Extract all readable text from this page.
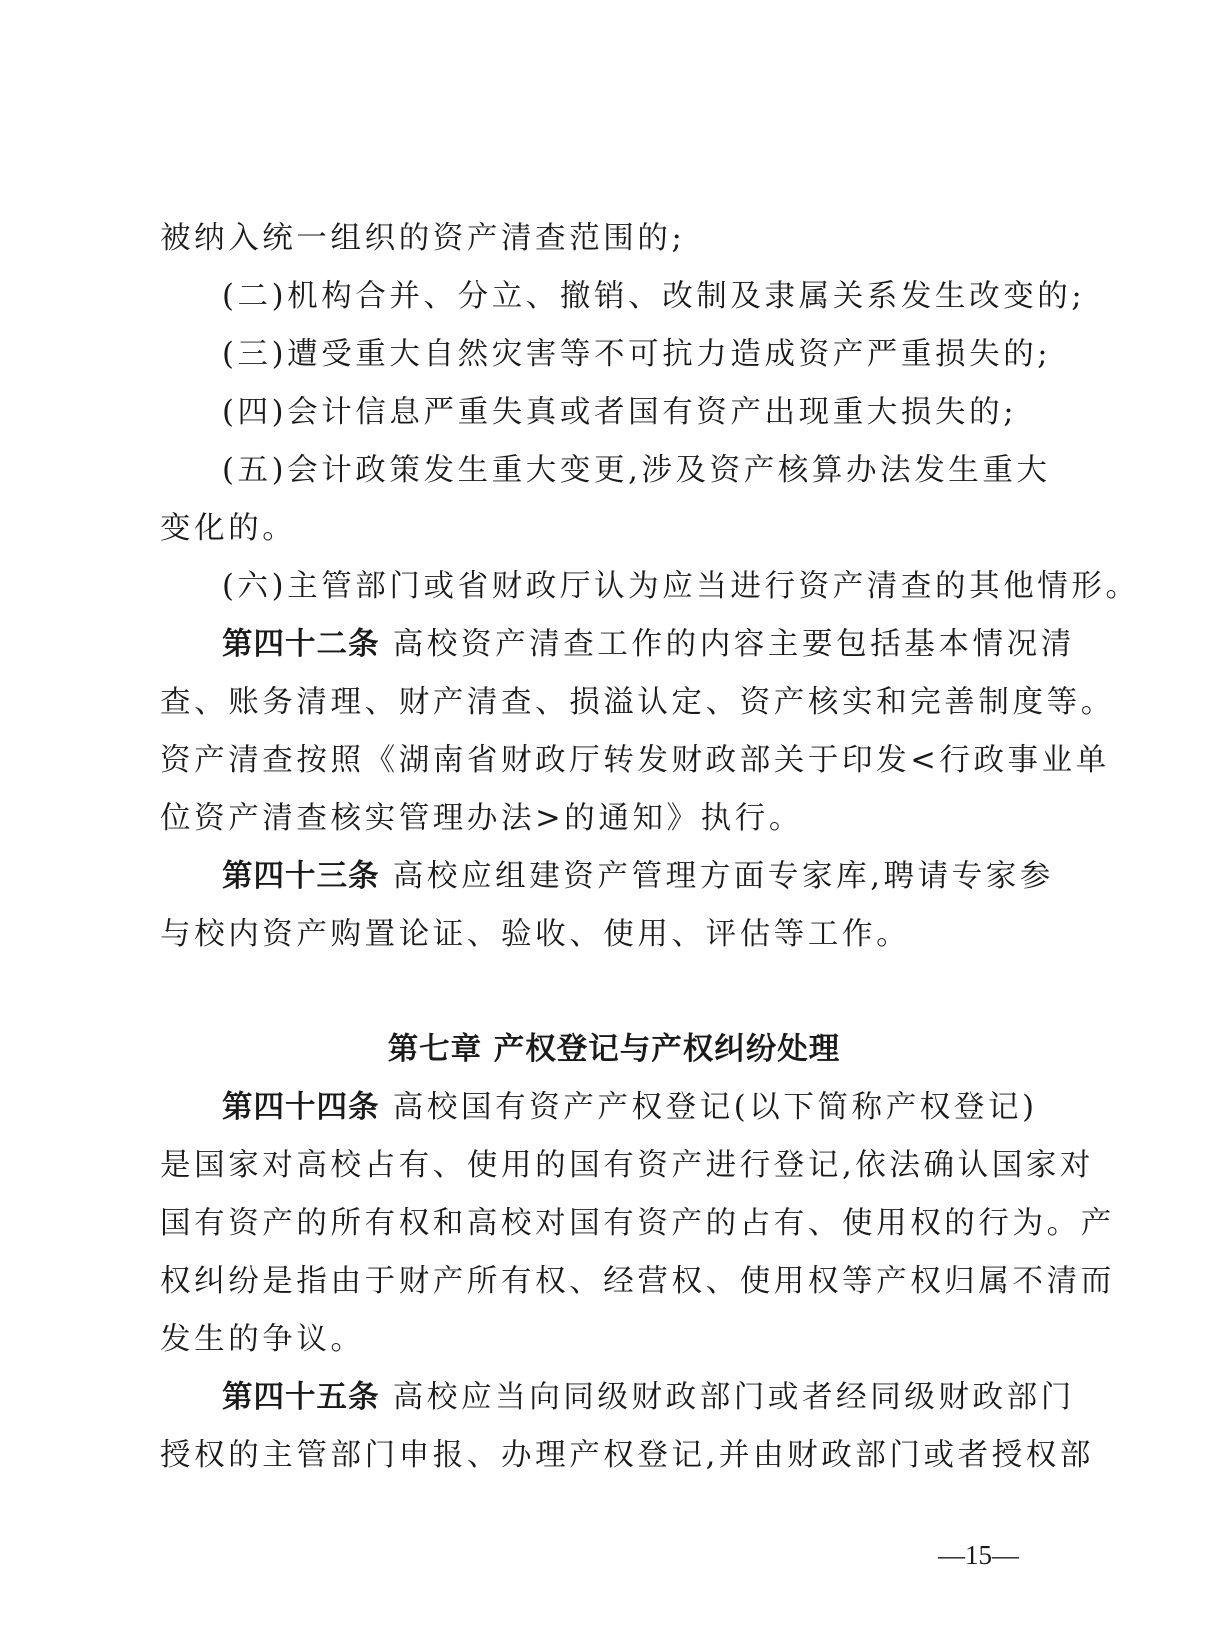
被纳入统一组织的资产清查范围的;
(二)机构合并、分立、撤销、改制及隶属关系发生改变的;
(三)遭受重大自然灾害等不可抗力造成资产严重损失的;
(四)会计信息严重失真或者国有资产出现重大损失的;
(五)会计政策发生重大变更,涉及资产核算办法发生重大
变化的。
(六)主管部门或省财政厅认为应当进行资产清查的其他情形。
第四十二条 高校资产清查工作的内容主要包括基本情况清
查、账务清理、财产清查、损溢认定、资产核实和完善制度等。
资产清查按照《湖南省财政厅转发财政部关于印发<行政事业单
位资产清查核实管理办法>的通知》执行。
第四十三条 高校应组建资产管理方面专家库,聘请专家参
与校内资产购置论证、验收、使用、评估等工作。
第七章 产权登记与产权纠纷处理
第四十四条 高校国有资产产权登记(以下简称产权登记)
是国家对高校占有、使用的国有资产进行登记,依法确认国家对
国有资产的所有权和高校对国有资产的占有、使用权的行为。产
权纠纷是指由于财产所有权、经营权、使用权等产权归属不清而
发生的争议。
第四十五条 高校应当向同级财政部门或者经同级财政部门
授权的主管部门申报、办理产权登记,并由财政部门或者授权部
—15—
